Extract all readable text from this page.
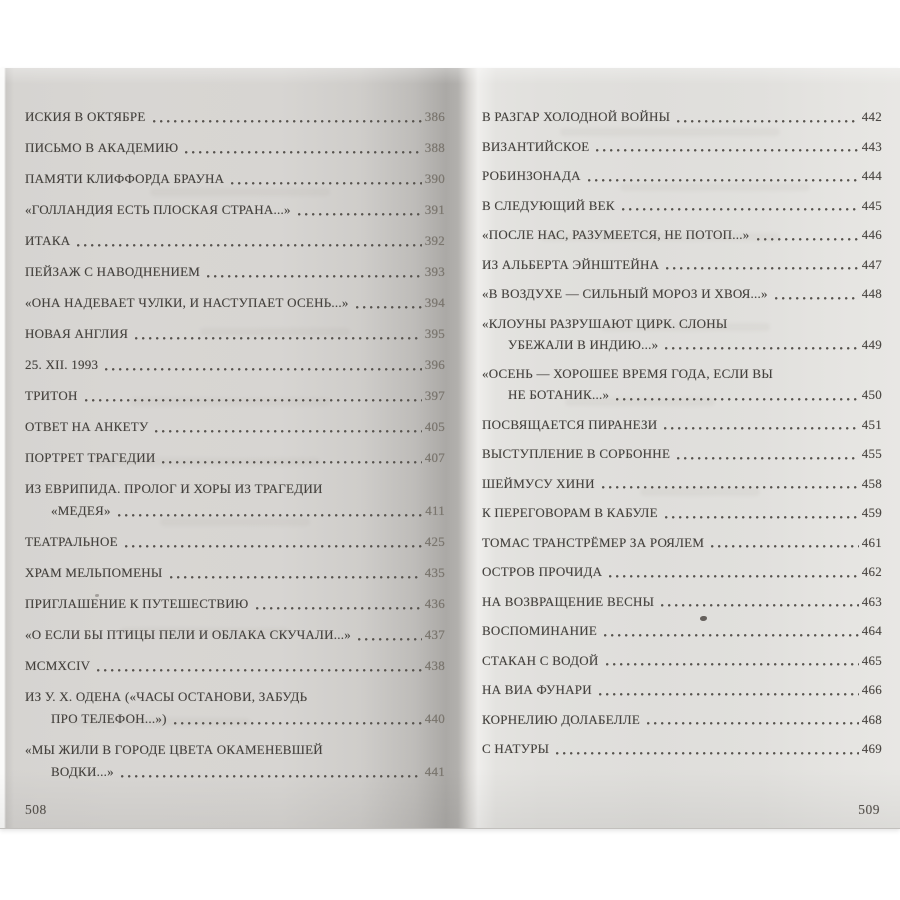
ИСКИЯ В ОКТЯБРЕ	386
ПИСЬМО В АКАДЕМИЮ	388
ПАМЯТИ КЛИФФОРДА БРАУНА	390
«ГОЛЛАНДИЯ ЕСТЬ ПЛОСКАЯ СТРАНА...»	391
ИТАКА	392
ПЕЙЗАЖ С НАВОДНЕНИЕМ	393
«ОНА НАДЕВАЕТ ЧУЛКИ, И НАСТУПАЕТ ОСЕНЬ...»	394
НОВАЯ АНГЛИЯ	395
25. XII. 1993	396
ТРИТОН	397
ОТВЕТ НА АНКЕТУ	405
ПОРТРЕТ ТРАГЕДИИ	407
ИЗ ЕВРИПИДА. ПРОЛОГ И ХОРЫ ИЗ ТРАГЕДИИ
«МЕДЕЯ»	411
ТЕАТРАЛЬНОЕ	425
ХРАМ МЕЛЬПОМЕНЫ	435
ПРИГЛАШЕНИЕ К ПУТЕШЕСТВИЮ	436
«О ЕСЛИ БЫ ПТИЦЫ ПЕЛИ И ОБЛАКА СКУЧАЛИ...»	437
MCMXCIV	438
ИЗ У. Х. ОДЕНА («ЧАСЫ ОСТАНОВИ, ЗАБУДЬ
ПРО ТЕЛЕФОН...»)	440
«МЫ ЖИЛИ В ГОРОДЕ ЦВЕТА ОКАМЕНЕВШЕЙ
ВОДКИ...»	441
В РАЗГАР ХОЛОДНОЙ ВОЙНЫ	442
ВИЗАНТИЙСКОЕ	443
РОБИНЗОНАДА	444
В СЛЕДУЮЩИЙ ВЕК	445
«ПОСЛЕ НАС, РАЗУМЕЕТСЯ, НЕ ПОТОП...»	446
ИЗ АЛЬБЕРТА ЭЙНШТЕЙНА	447
«В ВОЗДУХЕ — СИЛЬНЫЙ МОРОЗ И ХВОЯ...»	448
«КЛОУНЫ РАЗРУШАЮТ ЦИРК. СЛОНЫ
УБЕЖАЛИ В ИНДИЮ...»	449
«ОСЕНЬ — ХОРОШЕЕ ВРЕМЯ ГОДА, ЕСЛИ ВЫ
НЕ БОТАНИК...»	450
ПОСВЯЩАЕТСЯ ПИРАНЕЗИ	451
ВЫСТУПЛЕНИЕ В СОРБОННЕ	455
ШЕЙМУСУ ХИНИ	458
К ПЕРЕГОВОРАМ В КАБУЛЕ	459
ТОМАС ТРАНСТРЁМЕР ЗА РОЯЛЕМ	461
ОСТРОВ ПРОЧИДА	462
НА ВОЗВРАЩЕНИЕ ВЕСНЫ	463
ВОСПОМИНАНИЕ	464
СТАКАН С ВОДОЙ	465
НА ВИА ФУНАРИ	466
КОРНЕЛИЮ ДОЛАБЕЛЛЕ	468
С НАТУРЫ	469
508	509
